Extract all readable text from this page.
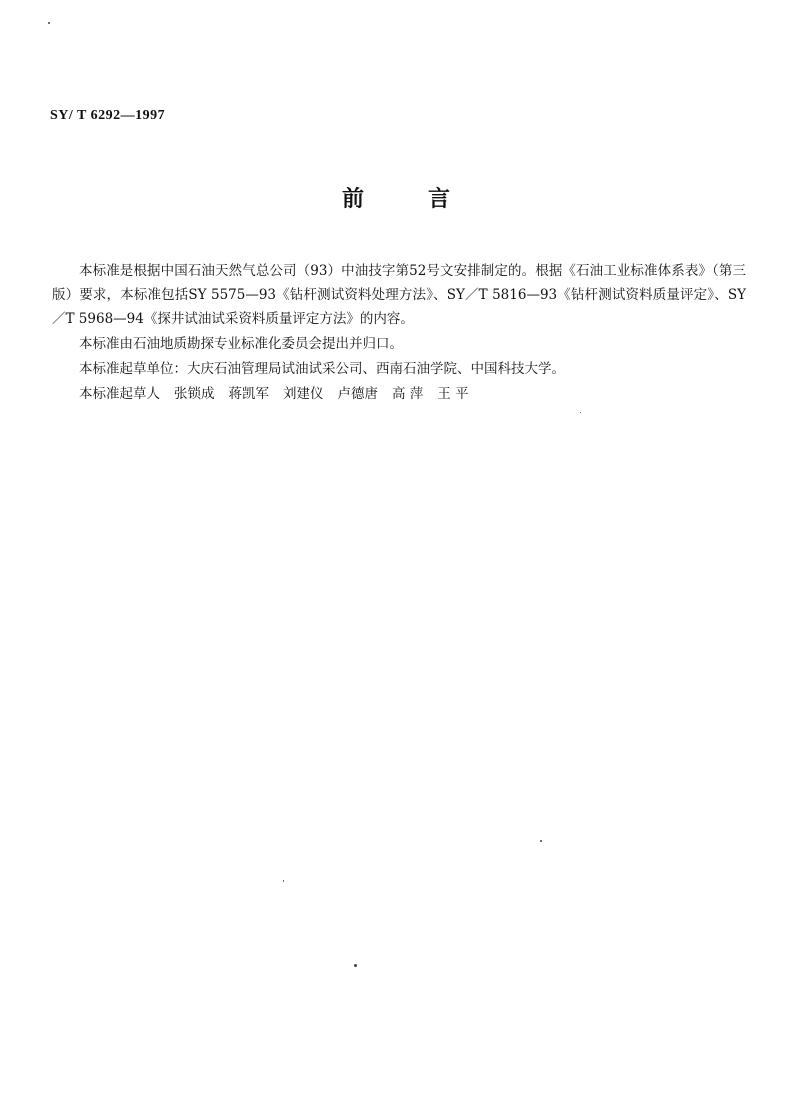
SY/ T 6292—1997
前	言

本标准是根据中国石油天然气总公司（93）中油技字第52号文安排制定的。根据《石油工业标准体系表》（第三版）要求，本标准包括SY 5575—93《钻杆测试资料处理方法》、SY／T 5816—93《钻杆测试资料质量评定》、SY／T 5968—94《探井试油试采资料质量评定方法》的内容。

本标准由石油地质勘探专业标准化委员会提出并归口。

本标准起草单位：大庆石油管理局试油试采公司、西南石油学院、中国科技大学。

本标准起草人 张锁成 蒋凯军 刘建仪 卢德唐 高 萍 王 平
